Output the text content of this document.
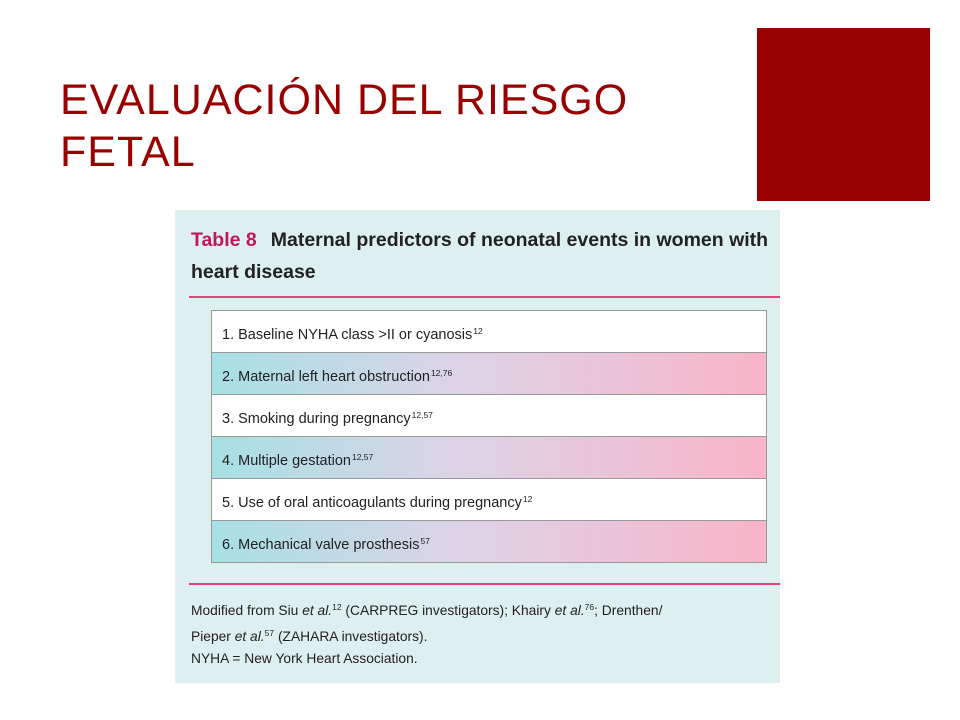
EVALUACIÓN DEL RIESGO FETAL
Table 8 Maternal predictors of neonatal events in women with heart disease
1. Baseline NYHA class >II or cyanosis$^{12}$
2. Maternal left heart obstruction$^{12,76}$
3. Smoking during pregnancy$^{12,57}$
4. Multiple gestation$^{12,57}$
5. Use of oral anticoagulants during pregnancy$^{12}$
6. Mechanical valve prosthesis$^{57}$
Modified from Siu et al.$^{12}$ (CARPREG investigators); Khairy et al.$^{76}$; Drenthen/
Pieper et al.$^{57}$ (ZAHARA investigators).
NYHA = New York Heart Association.
